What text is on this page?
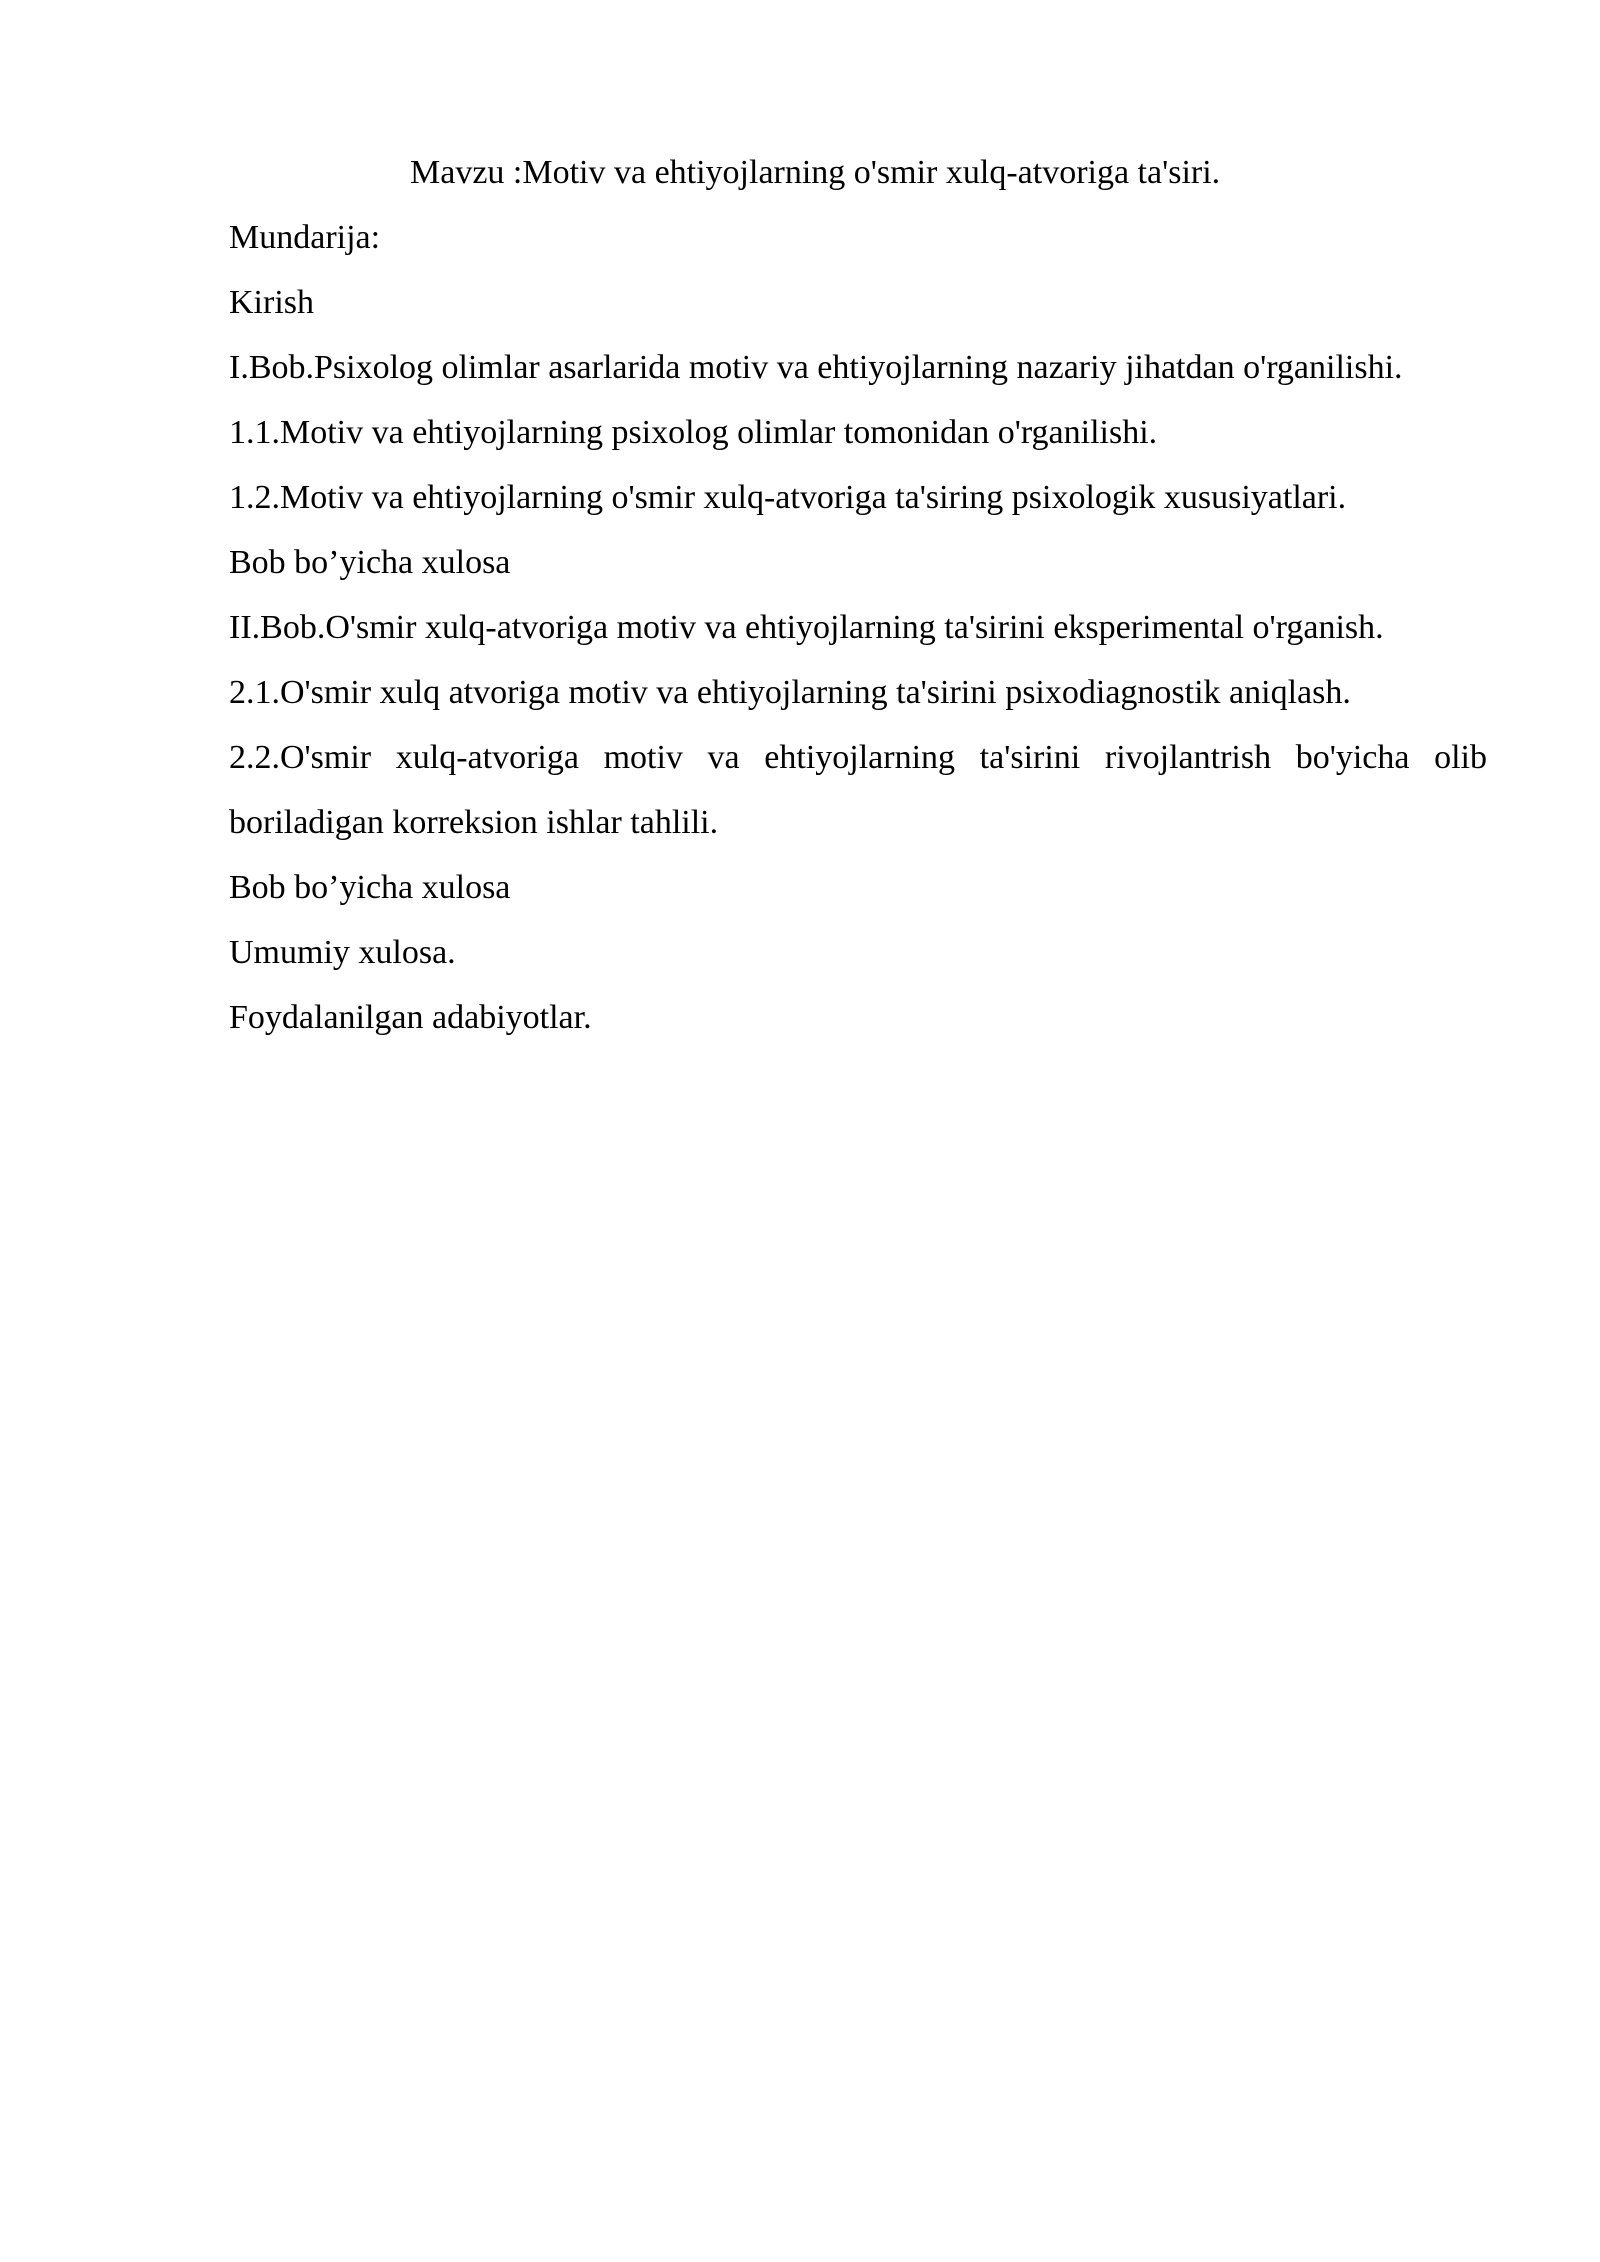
Mavzu :Motiv va ehtiyojlarning o'smir xulq-atvoriga ta'siri.

Mundarija:

Kirish

I.Bob.Psixolog olimlar asarlarida motiv va ehtiyojlarning nazariy jihatdan o'rganilishi.

1.1.Motiv va ehtiyojlarning psixolog olimlar tomonidan o'rganilishi.

1.2.Motiv va ehtiyojlarning o'smir xulq-atvoriga ta'siring psixologik xususiyatlari.

Bob bo’yicha xulosa

II.Bob.O'smir xulq-atvoriga motiv va ehtiyojlarning ta'sirini eksperimental o'rganish.

2.1.O'smir xulq atvoriga motiv va ehtiyojlarning ta'sirini psixodiagnostik aniqlash.

2.2.O'smir xulq-atvoriga motiv va ehtiyojlarning ta'sirini rivojlantrish bo'yicha olib boriladigan korreksion ishlar tahlili.

Bob bo’yicha xulosa

Umumiy xulosa.

Foydalanilgan adabiyotlar.
